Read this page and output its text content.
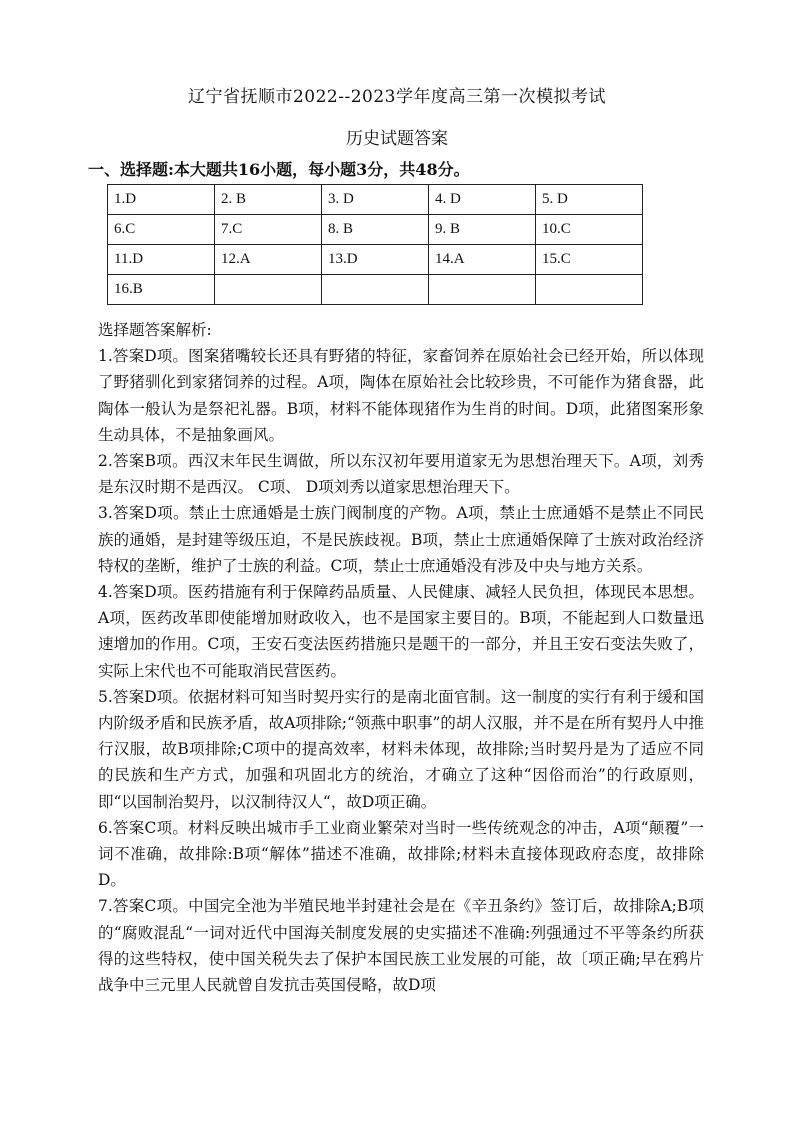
辽宁省抚顺市2022--2023学年度高三第一次模拟考试
历史试题答案
一、选择题:本大题共16小题，每小题3分，共48分。
1.D	2. B	3. D	4. D	5. D
6.C	7.C	8. B	9. B	10.C
11.D	12.A	13.D	14.A	15.C
16.B				
选择题答案解析:

1.答案D项。图案猪嘴较长还具有野猪的特征，家畜饲养在原始社会已经开始，所以体现了野猪驯化到家猪饲养的过程。A项，陶体在原始社会比较珍贵，不可能作为猪食器，此陶体一般认为是祭祀礼器。B项，材料不能体现猪作为生肖的时间。D项，此猪图案形象生动具体，不是抽象画风。

2.答案B项。西汉末年民生调做，所以东汉初年要用道家无为思想治理天下。A项，刘秀是东汉时期不是西汉。 C项、 D项刘秀以道家思想治理天下。

3.答案D项。禁止士庶通婚是士族门阀制度的产物。A项，禁止士庶通婚不是禁止不同民族的通婚，是封建等级压迫，不是民族歧视。B项，禁止士庶通婚保障了士族对政治经济特权的垄断，维护了士族的利益。C项，禁止士庶通婚没有涉及中央与地方关系。

4.答案D项。医药措施有利于保障药品质量、人民健康、减轻人民负担，体现民本思想。A项，医药改革即使能增加财政收入，也不是国家主要目的。B项，不能起到人口数量迅速增加的作用。C项，王安石变法医药措施只是题干的一部分，并且王安石变法失败了，实际上宋代也不可能取消民营医药。

5.答案D项。依据材料可知当时契丹实行的是南北面官制。这一制度的实行有利于缓和国内阶级矛盾和民族矛盾，故A项排除;“领燕中职事”的胡人汉服，并不是在所有契丹人中推行汉服，故B项排除;C项中的提高效率，材料未体现，故排除;当时契丹是为了适应不同的民族和生产方式，加强和巩固北方的统治，才确立了这种“因俗而治”的行政原则，即“以国制治契丹，以汉制待汉人“，故D项正确。

6.答案C项。材料反映出城市手工业商业繁荣对当时一些传统观念的冲击，A项“颠覆”一词不准确，故排除:B项“解体”描述不准确，故排除;材料未直接体现政府态度，故排除 D。

7.答案C项。中国完全池为半殖民地半封建社会是在《辛丑条约》签订后，故排除A;B项的“腐败混乱“一词对近代中国海关制度发展的史实描述不准确:列强通过不平等条约所获得的这些特权，使中国关税失去了保护本国民族工业发展的可能，故〔项正确;早在鸦片战争中三元里人民就曾自发抗击英国侵略，故D项
